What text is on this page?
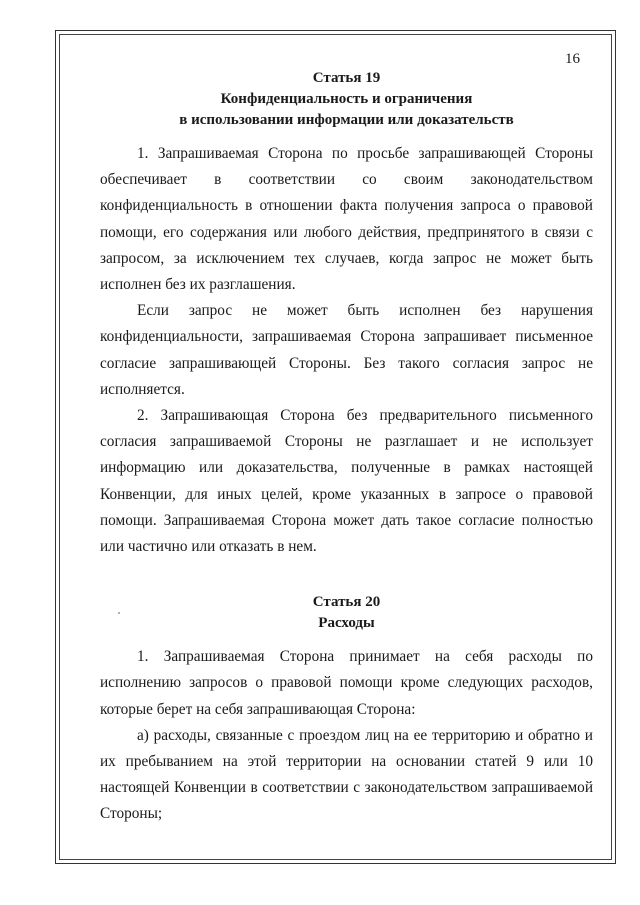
16
Статья 19
Конфиденциальность и ограничения
в использовании информации или доказательств

1. Запрашиваемая Сторона по просьбе запрашивающей Стороны обеспечивает в соответствии со своим законодательством конфиденциальность в отношении факта получения запроса о правовой помощи, его содержания или любого действия, предпринятого в связи с запросом, за исключением тех случаев, когда запрос не может быть исполнен без их разглашения.

Если запрос не может быть исполнен без нарушения конфиденциальности, запрашиваемая Сторона запрашивает письменное согласие запрашивающей Стороны. Без такого согласия запрос не исполняется.

2. Запрашивающая Сторона без предварительного письменного согласия запрашиваемой Стороны не разглашает и не использует информацию или доказательства, полученные в рамках настоящей Конвенции, для иных целей, кроме указанных в запросе о правовой помощи. Запрашиваемая Сторона может дать такое согласие полностью или частично или отказать в нем.

Статья 20
Расходы

1. Запрашиваемая Сторона принимает на себя расходы по исполнению запросов о правовой помощи кроме следующих расходов, которые берет на себя запрашивающая Сторона:

а) расходы, связанные с проездом лиц на ее территорию и обратно и их пребыванием на этой территории на основании статей 9 или 10 настоящей Конвенции в соответствии с законодательством запрашиваемой Стороны;
